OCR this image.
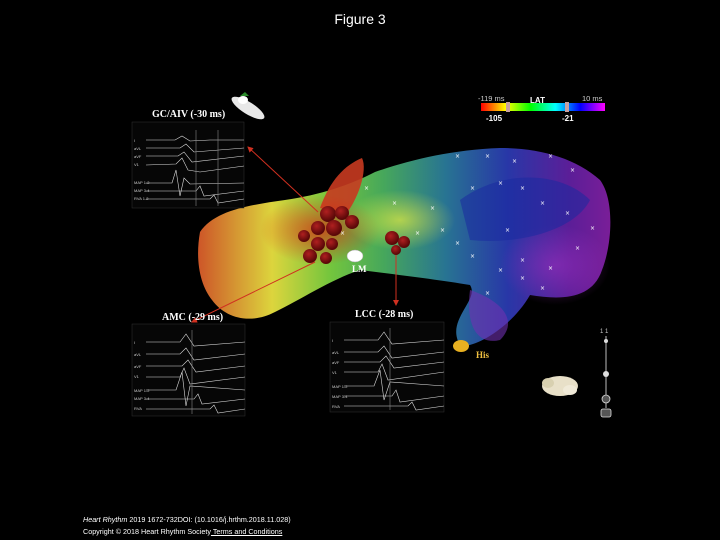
Figure 3
-119 ms	LAT	10 ms
-105	-21
×	×
×
×
×
×
×
×
×
×
×
×
×
×
×
×
×
×
×
×	×
×
×
×
×
×
×
His
LM
GC/AIV (-30 ms)
I
aVL
aVF
V1
MAP 1-2
MAP 3-4
RVA 1-2
AMC (-29 ms)
I
aVL
aVF
V1
MAP 1-2
MAP 3-4
RVA
LCC (-28 ms)
I
aVL
aVF
V1
MAP 1-2
MAP 3-4
RVA
1 1
Heart Rhythm 2019 1672-732DOI: (10.1016/j.hrthm.2018.11.028)
Copyright © 2018 Heart Rhythm Society Terms and Conditions
